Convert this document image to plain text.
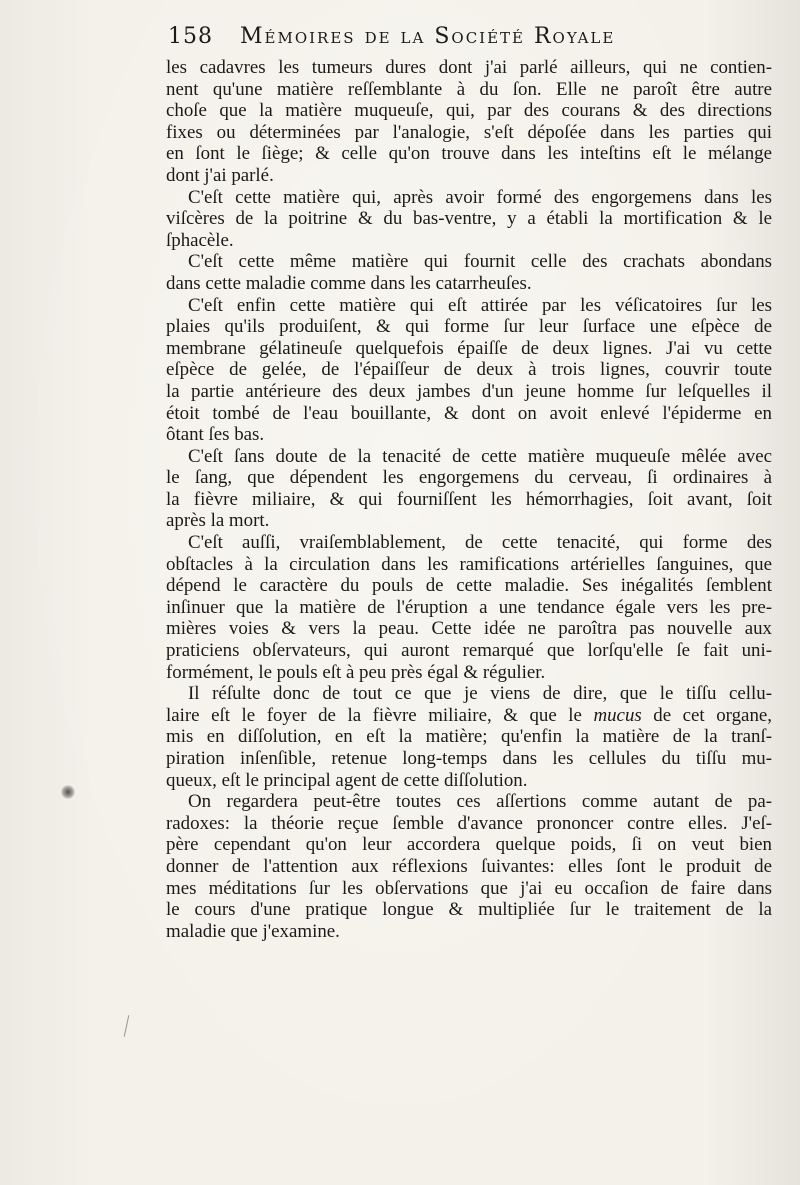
158 Mémoires de la Société Royale
les cadavres les tumeurs dures dont j'ai parlé ailleurs, qui ne contien-
nent qu'une matière reſſemblante à du ſon. Elle ne paroît être autre
choſe que la matière muqueuſe, qui, par des courans & des directions
fixes ou déterminées par l'analogie, s'eſt dépoſée dans les parties qui
en ſont le ſiège; & celle qu'on trouve dans les inteſtins eſt le mélange
dont j'ai parlé.
C'eſt cette matière qui, après avoir formé des engorgemens dans les
viſcères de la poitrine & du bas-ventre, y a établi la mortification & le
ſphacèle.
C'eſt cette même matière qui fournit celle des crachats abondans
dans cette maladie comme dans les catarrheuſes.
C'eſt enfin cette matière qui eſt attirée par les véſicatoires ſur les
plaies qu'ils produiſent, & qui forme ſur leur ſurface une eſpèce de
membrane gélatineuſe quelquefois épaiſſe de deux lignes. J'ai vu cette
eſpèce de gelée, de l'épaiſſeur de deux à trois lignes, couvrir toute
la partie antérieure des deux jambes d'un jeune homme ſur leſquelles il
étoit tombé de l'eau bouillante, & dont on avoit enlevé l'épiderme en
ôtant ſes bas.
C'eſt ſans doute de la tenacité de cette matière muqueuſe mêlée avec
le ſang, que dépendent les engorgemens du cerveau, ſi ordinaires à
la fièvre miliaire, & qui fourniſſent les hémorrhagies, ſoit avant, ſoit
après la mort.
C'eſt auſſi, vraiſemblablement, de cette tenacité, qui forme des
obſtacles à la circulation dans les ramifications artérielles ſanguines, que
dépend le caractère du pouls de cette maladie. Ses inégalités ſemblent
inſinuer que la matière de l'éruption a une tendance égale vers les pre-
mières voies & vers la peau. Cette idée ne paroîtra pas nouvelle aux
praticiens obſervateurs, qui auront remarqué que lorſqu'elle ſe fait uni-
formément, le pouls eſt à peu près égal & régulier.
Il réſulte donc de tout ce que je viens de dire, que le tiſſu cellu-
laire eſt le foyer de la fièvre miliaire, & que le mucus de cet organe,
mis en diſſolution, en eſt la matière; qu'enfin la matière de la tranſ-
piration inſenſible, retenue long-temps dans les cellules du tiſſu mu-
queux, eſt le principal agent de cette diſſolution.
On regardera peut-être toutes ces aſſertions comme autant de pa-
radoxes: la théorie reçue ſemble d'avance prononcer contre elles. J'eſ-
père cependant qu'on leur accordera quelque poids, ſi on veut bien
donner de l'attention aux réflexions ſuivantes: elles ſont le produit de
mes méditations ſur les obſervations que j'ai eu occaſion de faire dans
le cours d'une pratique longue & multipliée ſur le traitement de la
maladie que j'examine.
